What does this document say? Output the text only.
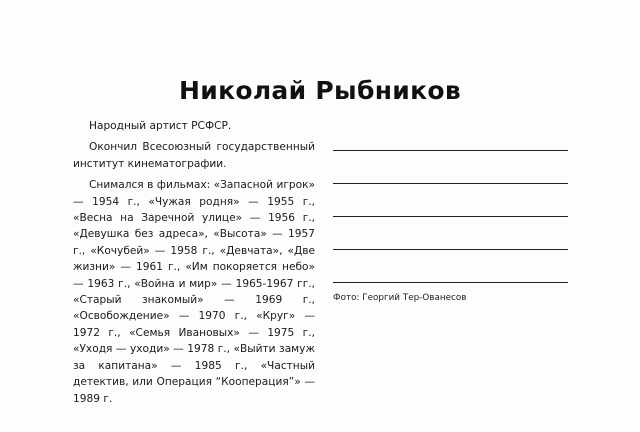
Николай Рыбников

Народный артист РСФСР.

Окончил Всесоюзный государственный институт кинематографии.

Снимался в фильмах: «Запасной игрок» — 1954 г., «Чужая родня» — 1955 г., «Весна на Заречной улице» — 1956 г., «Девушка без адреса», «Высота» — 1957 г., «Кочубей» — 1958 г., «Девчата», «Две жизни» — 1961 г., «Им покоряется небо» — 1963 г., «Война и мир» — 1965-1967 гг., «Старый знакомый» — 1969 г., «Освобождение» — 1970 г., «Круг» — 1972 г., «Семья Ивановых» — 1975 г., «Уходя — уходи» — 1978 г., «Выйти замуж за капитана» — 1985 г., «Частный детектив, или Операция “Кооперация”» — 1989 г.

Фото: Георгий Тер-Ованесов
